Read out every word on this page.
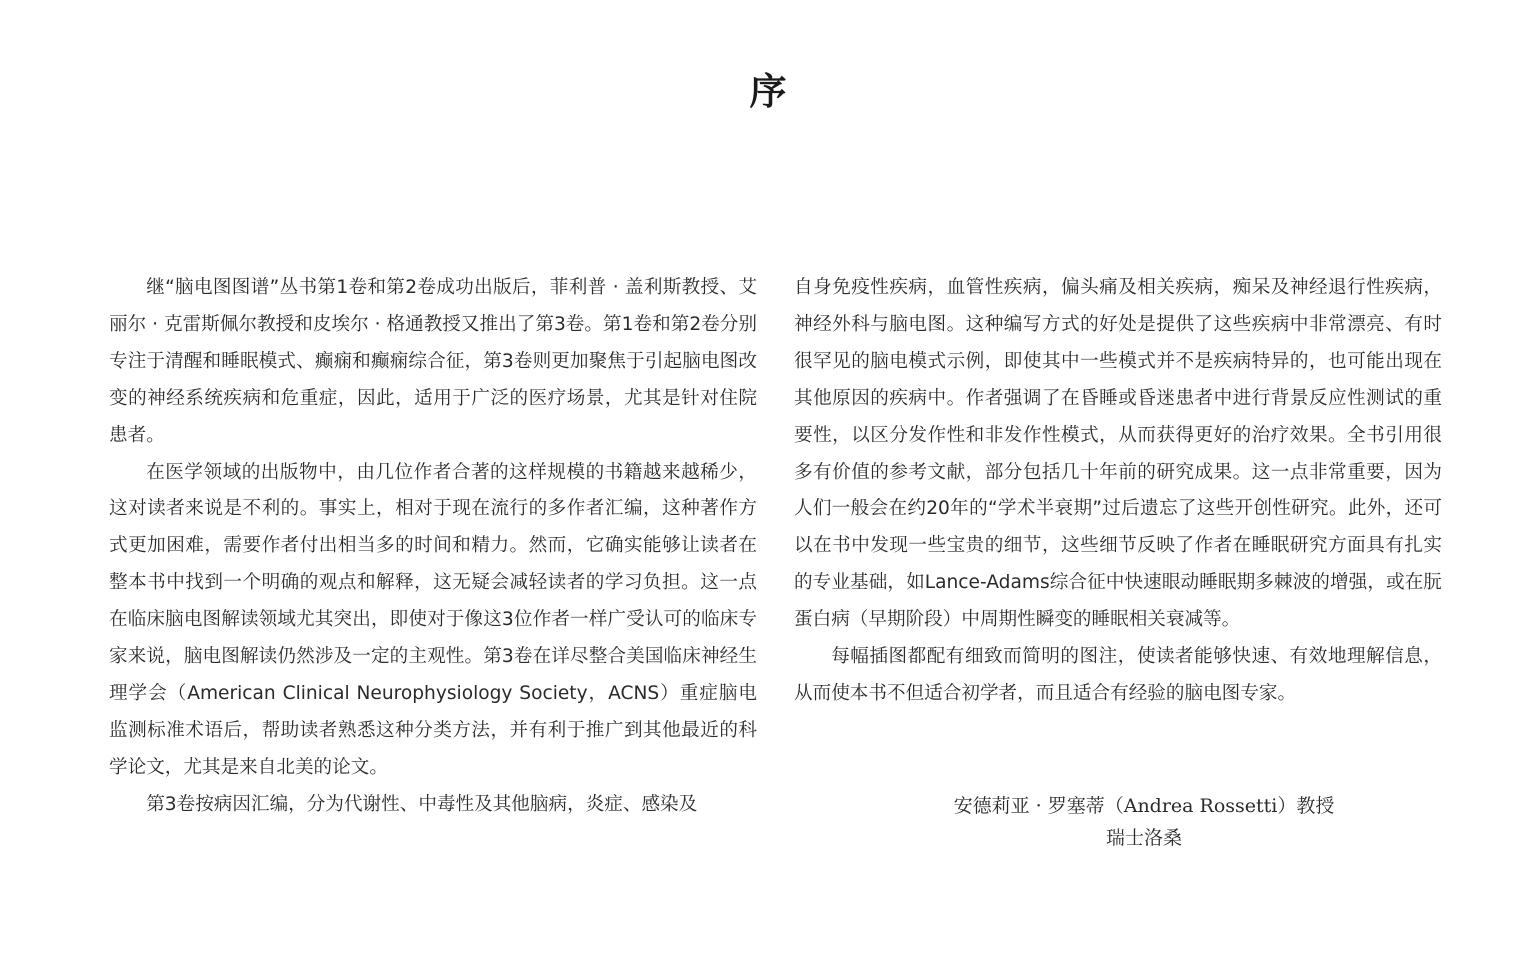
序

继“脑电图图谱”丛书第1卷和第2卷成功出版后，菲利普 · 盖利斯教授、艾丽尔 · 克雷斯佩尔教授和皮埃尔 · 格通教授又推出了第3卷。第1卷和第2卷分别专注于清醒和睡眠模式、癫痫和癫痫综合征，第3卷则更加聚焦于引起脑电图改变的神经系统疾病和危重症，因此，适用于广泛的医疗场景，尤其是针对住院患者。

在医学领域的出版物中，由几位作者合著的这样规模的书籍越来越稀少，这对读者来说是不利的。事实上，相对于现在流行的多作者汇编，这种著作方式更加困难，需要作者付出相当多的时间和精力。然而，它确实能够让读者在整本书中找到一个明确的观点和解释，这无疑会减轻读者的学习负担。这一点在临床脑电图解读领域尤其突出，即使对于像这3位作者一样广受认可的临床专家来说，脑电图解读仍然涉及一定的主观性。第3卷在详尽整合美国临床神经生理学会（American Clinical Neurophysiology Society，ACNS）重症脑电监测标准术语后，帮助读者熟悉这种分类方法，并有利于推广到其他最近的科学论文，尤其是来自北美的论文。

第3卷按病因汇编，分为代谢性、中毒性及其他脑病，炎症、感染及

自身免疫性疾病，血管性疾病，偏头痛及相关疾病，痴呆及神经退行性疾病，神经外科与脑电图。这种编写方式的好处是提供了这些疾病中非常漂亮、有时很罕见的脑电模式示例，即使其中一些模式并不是疾病特异的，也可能出现在其他原因的疾病中。作者强调了在昏睡或昏迷患者中进行背景反应性测试的重要性，以区分发作性和非发作性模式，从而获得更好的治疗效果。全书引用很多有价值的参考文献，部分包括几十年前的研究成果。这一点非常重要，因为人们一般会在约20年的“学术半衰期”过后遗忘了这些开创性研究。此外，还可以在书中发现一些宝贵的细节，这些细节反映了作者在睡眠研究方面具有扎实的专业基础，如Lance-Adams综合征中快速眼动睡眠期多棘波的增强，或在朊蛋白病（早期阶段）中周期性瞬变的睡眠相关衰减等。

每幅插图都配有细致而简明的图注，使读者能够快速、有效地理解信息，从而使本书不但适合初学者，而且适合有经验的脑电图专家。

安德莉亚 · 罗塞蒂（Andrea Rossetti）教授
瑞士洛桑
